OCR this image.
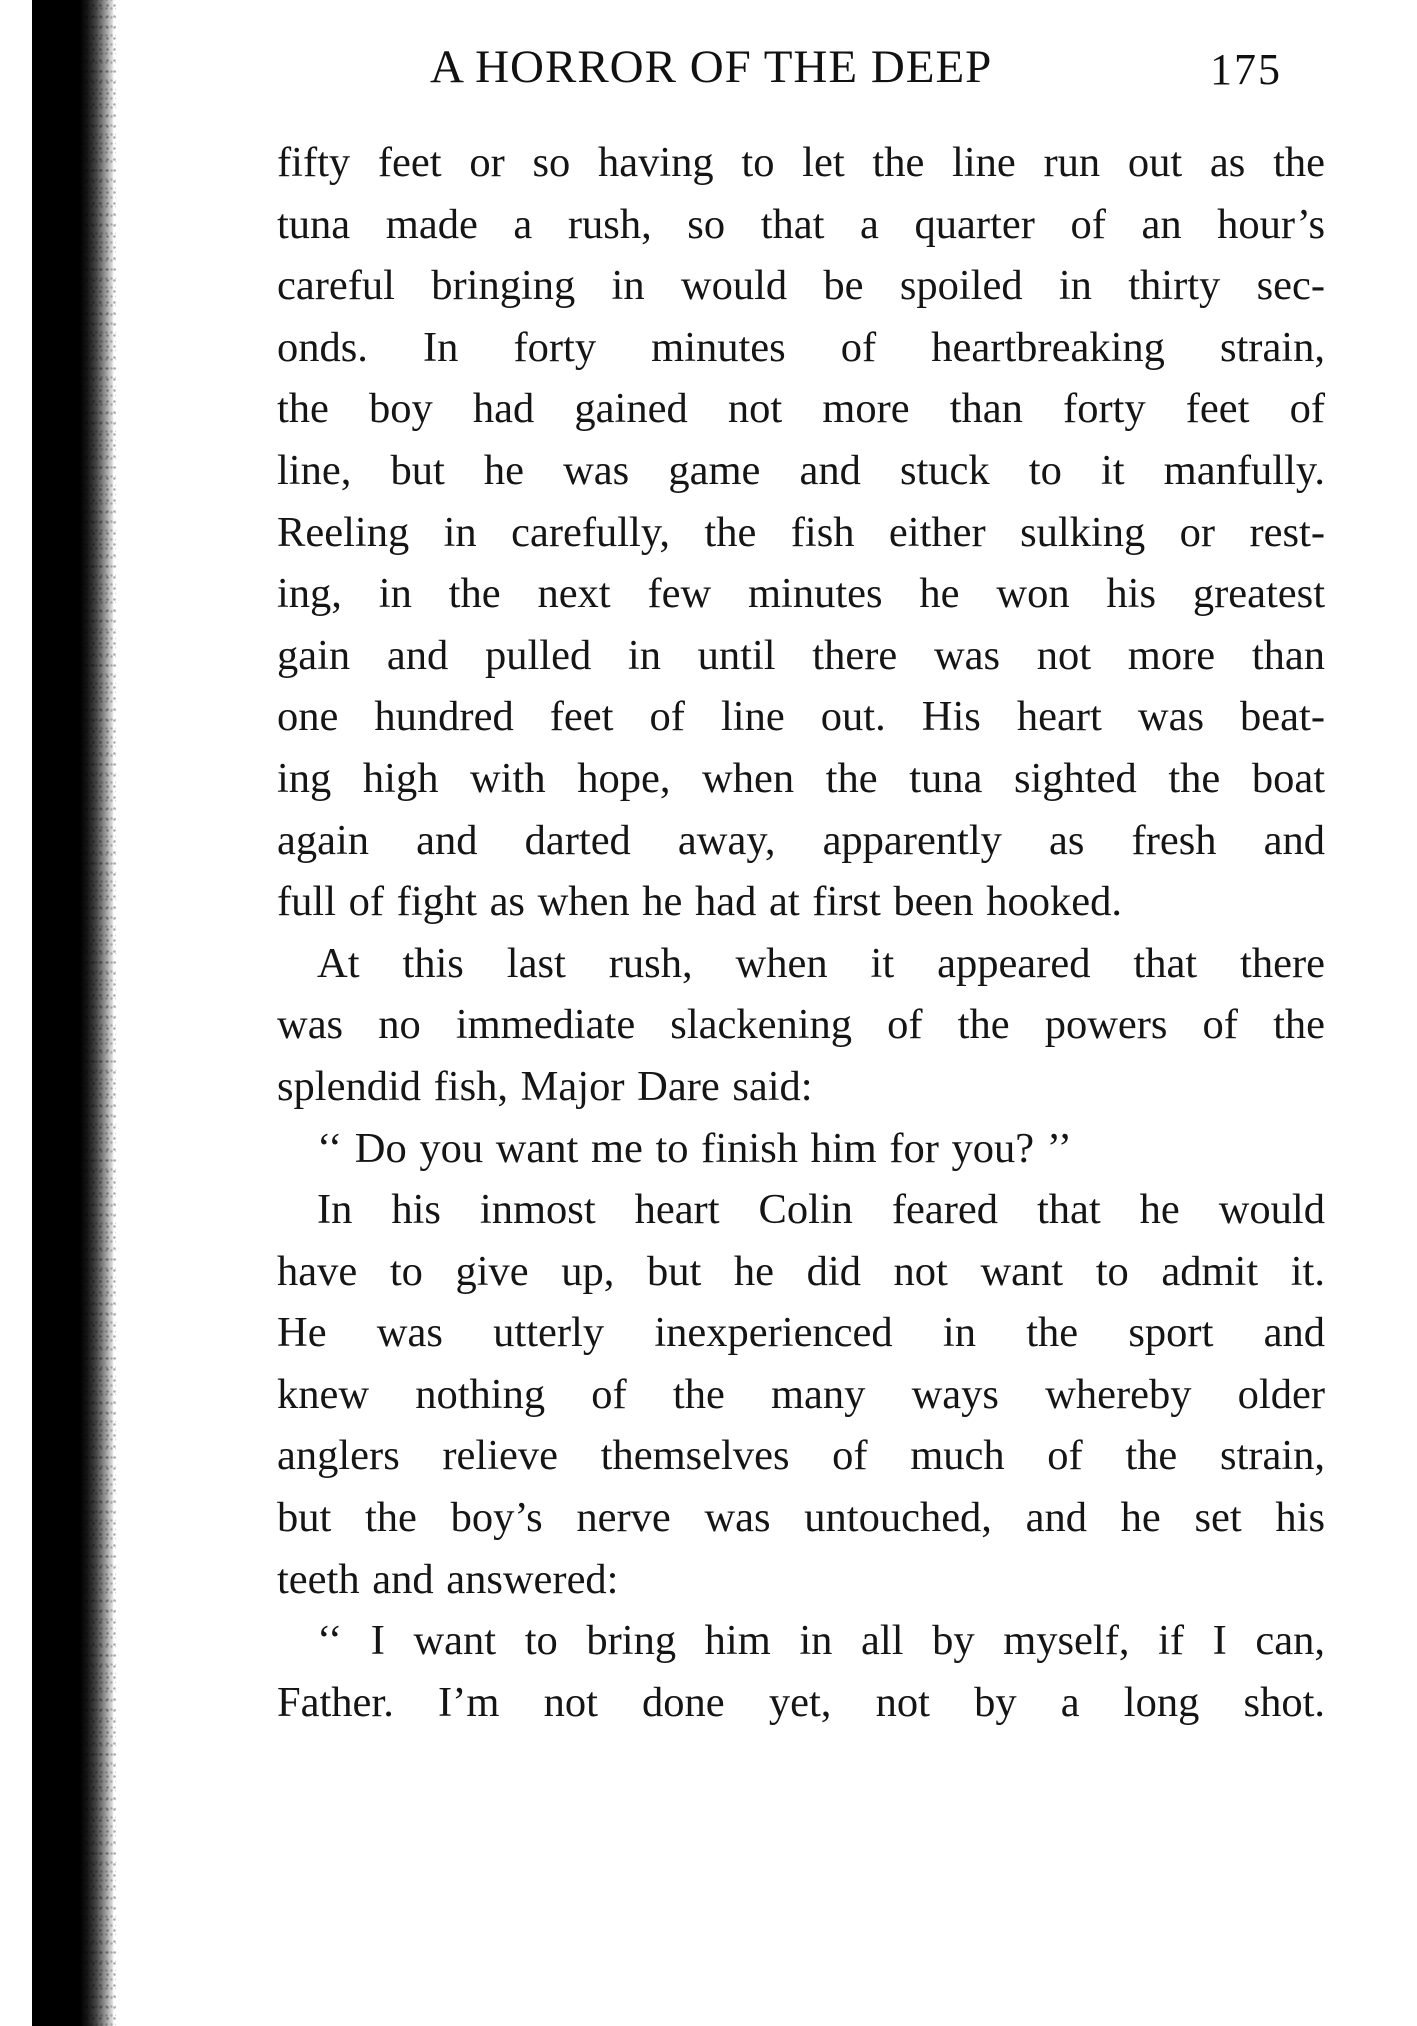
A HORROR OF THE DEEP	175
fifty feet or so having to let the line run out as the
tuna made a rush, so that a quarter of an hour’s
careful bringing in would be spoiled in thirty sec-
onds. In forty minutes of heartbreaking strain,
the boy had gained not more than forty feet of
line, but he was game and stuck to it manfully.
Reeling in carefully, the fish either sulking or rest-
ing, in the next few minutes he won his greatest
gain and pulled in until there was not more than
one hundred feet of line out. His heart was beat-
ing high with hope, when the tuna sighted the boat
again and darted away, apparently as fresh and
full of fight as when he had at first been hooked.
At this last rush, when it appeared that there
was no immediate slackening of the powers of the
splendid fish, Major Dare said:
‘‘ Do you want me to finish him for you? ’’
In his inmost heart Colin feared that he would
have to give up, but he did not want to admit it.
He was utterly inexperienced in the sport and
knew nothing of the many ways whereby older
anglers relieve themselves of much of the strain,
but the boy’s nerve was untouched, and he set his
teeth and answered:
‘‘ I want to bring him in all by myself, if I can,
Father. I’m not done yet, not by a long shot.
